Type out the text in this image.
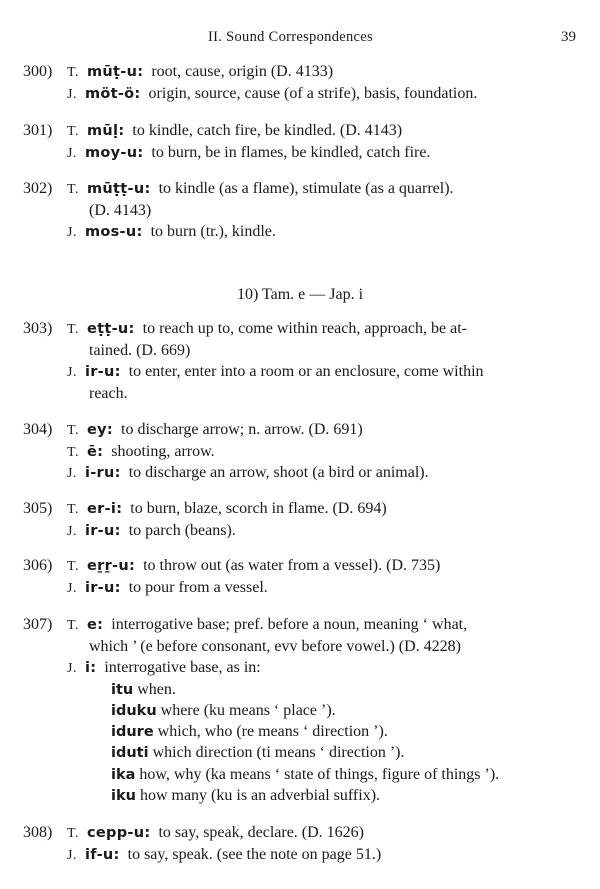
II. Sound Correspondences	39
300) T. mūṭ-u: root, cause, origin (D. 4133)
J. möt-ö: origin, source, cause (of a strife), basis, foundation.
301) T. mūḷ: to kindle, catch fire, be kindled. (D. 4143)
J. moy-u: to burn, be in flames, be kindled, catch fire.
302) T. mūṭṭ-u: to kindle (as a flame), stimulate (as a quarrel).
(D. 4143)
J. mos-u: to burn (tr.), kindle.
10) Tam. e — Jap. i
303) T. eṭṭ-u: to reach up to, come within reach, approach, be at-
tained. (D. 669)
J. ir-u: to enter, enter into a room or an enclosure, come within
reach.
304) T. ey: to discharge arrow; n. arrow. (D. 691)
T. ē: shooting, arrow.
J. i-ru: to discharge an arrow, shoot (a bird or animal).
305) T. er-i: to burn, blaze, scorch in flame. (D. 694)
J. ir-u: to parch (beans).
306) T. eṟṟ-u: to throw out (as water from a vessel). (D. 735)
J. ir-u: to pour from a vessel.
307) T. e: interrogative base; pref. before a noun, meaning ‘ what,
which ’ (e before consonant, evv before vowel.) (D. 4228)
J. i: interrogative base, as in:
itu when.
iduku where (ku means ‘ place ’).
idure which, who (re means ‘ direction ’).
iduti which direction (ti means ‘ direction ’).
ika how, why (ka means ‘ state of things, figure of things ’).
iku how many (ku is an adverbial suffix).
308) T. cepp-u: to say, speak, declare. (D. 1626)
J. if-u: to say, speak. (see the note on page 51.)
